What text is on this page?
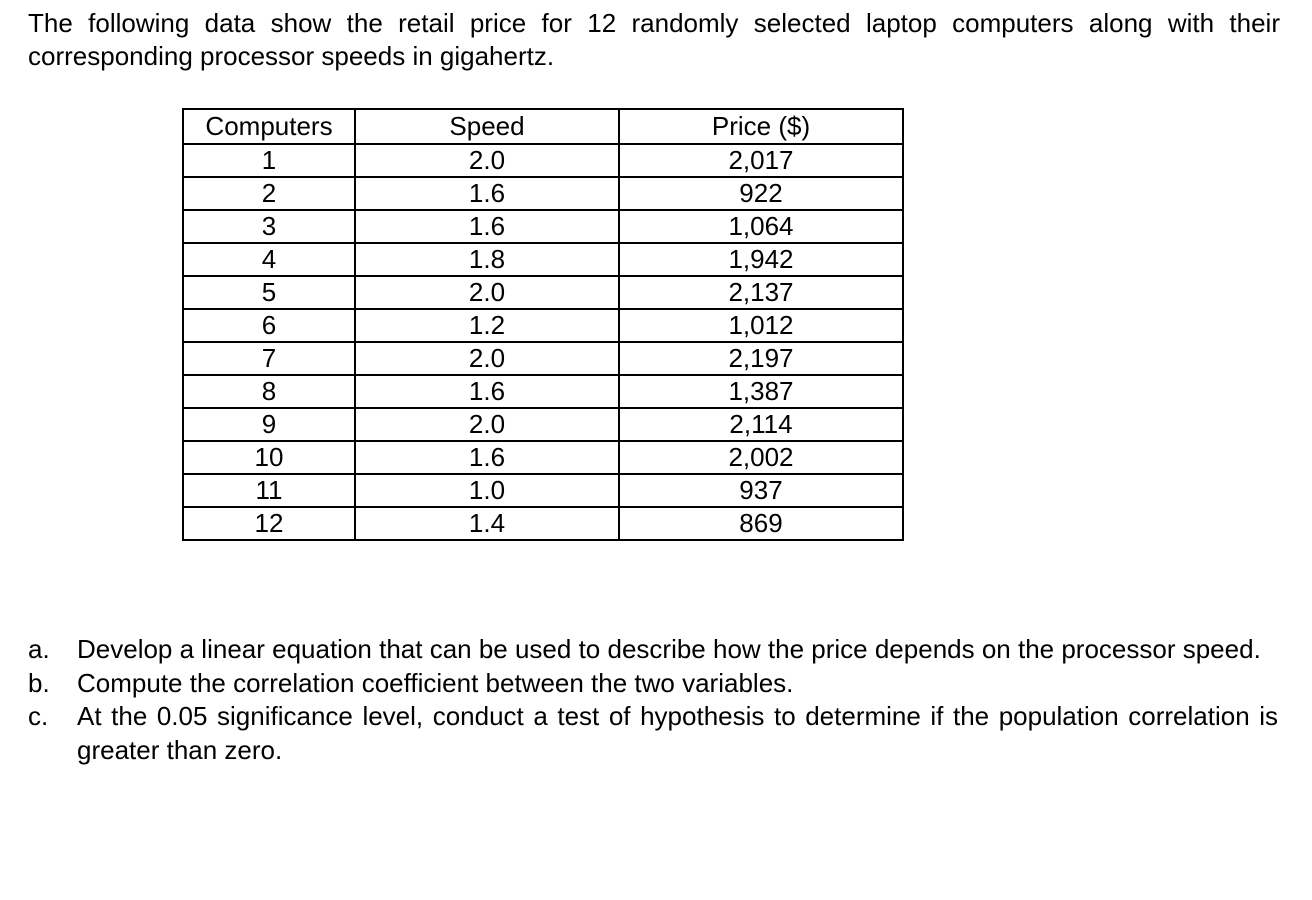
The following data show the retail price for 12 randomly selected laptop computers along with their corresponding processor speeds in gigahertz.

Computers	Speed	Price ($)
1	2.0	2,017
2	1.6	922
3	1.6	1,064
4	1.8	1,942
5	2.0	2,137
6	1.2	1,012
7	2.0	2,197
8	1.6	1,387
9	2.0	2,114
10	1.6	2,002
11	1.0	937
12	1.4	869
a.	Develop a linear equation that can be used to describe how the price depends on the processor speed.
b.	Compute the correlation coefficient between the two variables.
c.	At the 0.05 significance level, conduct a test of hypothesis to determine if the population correlation is greater than zero.
